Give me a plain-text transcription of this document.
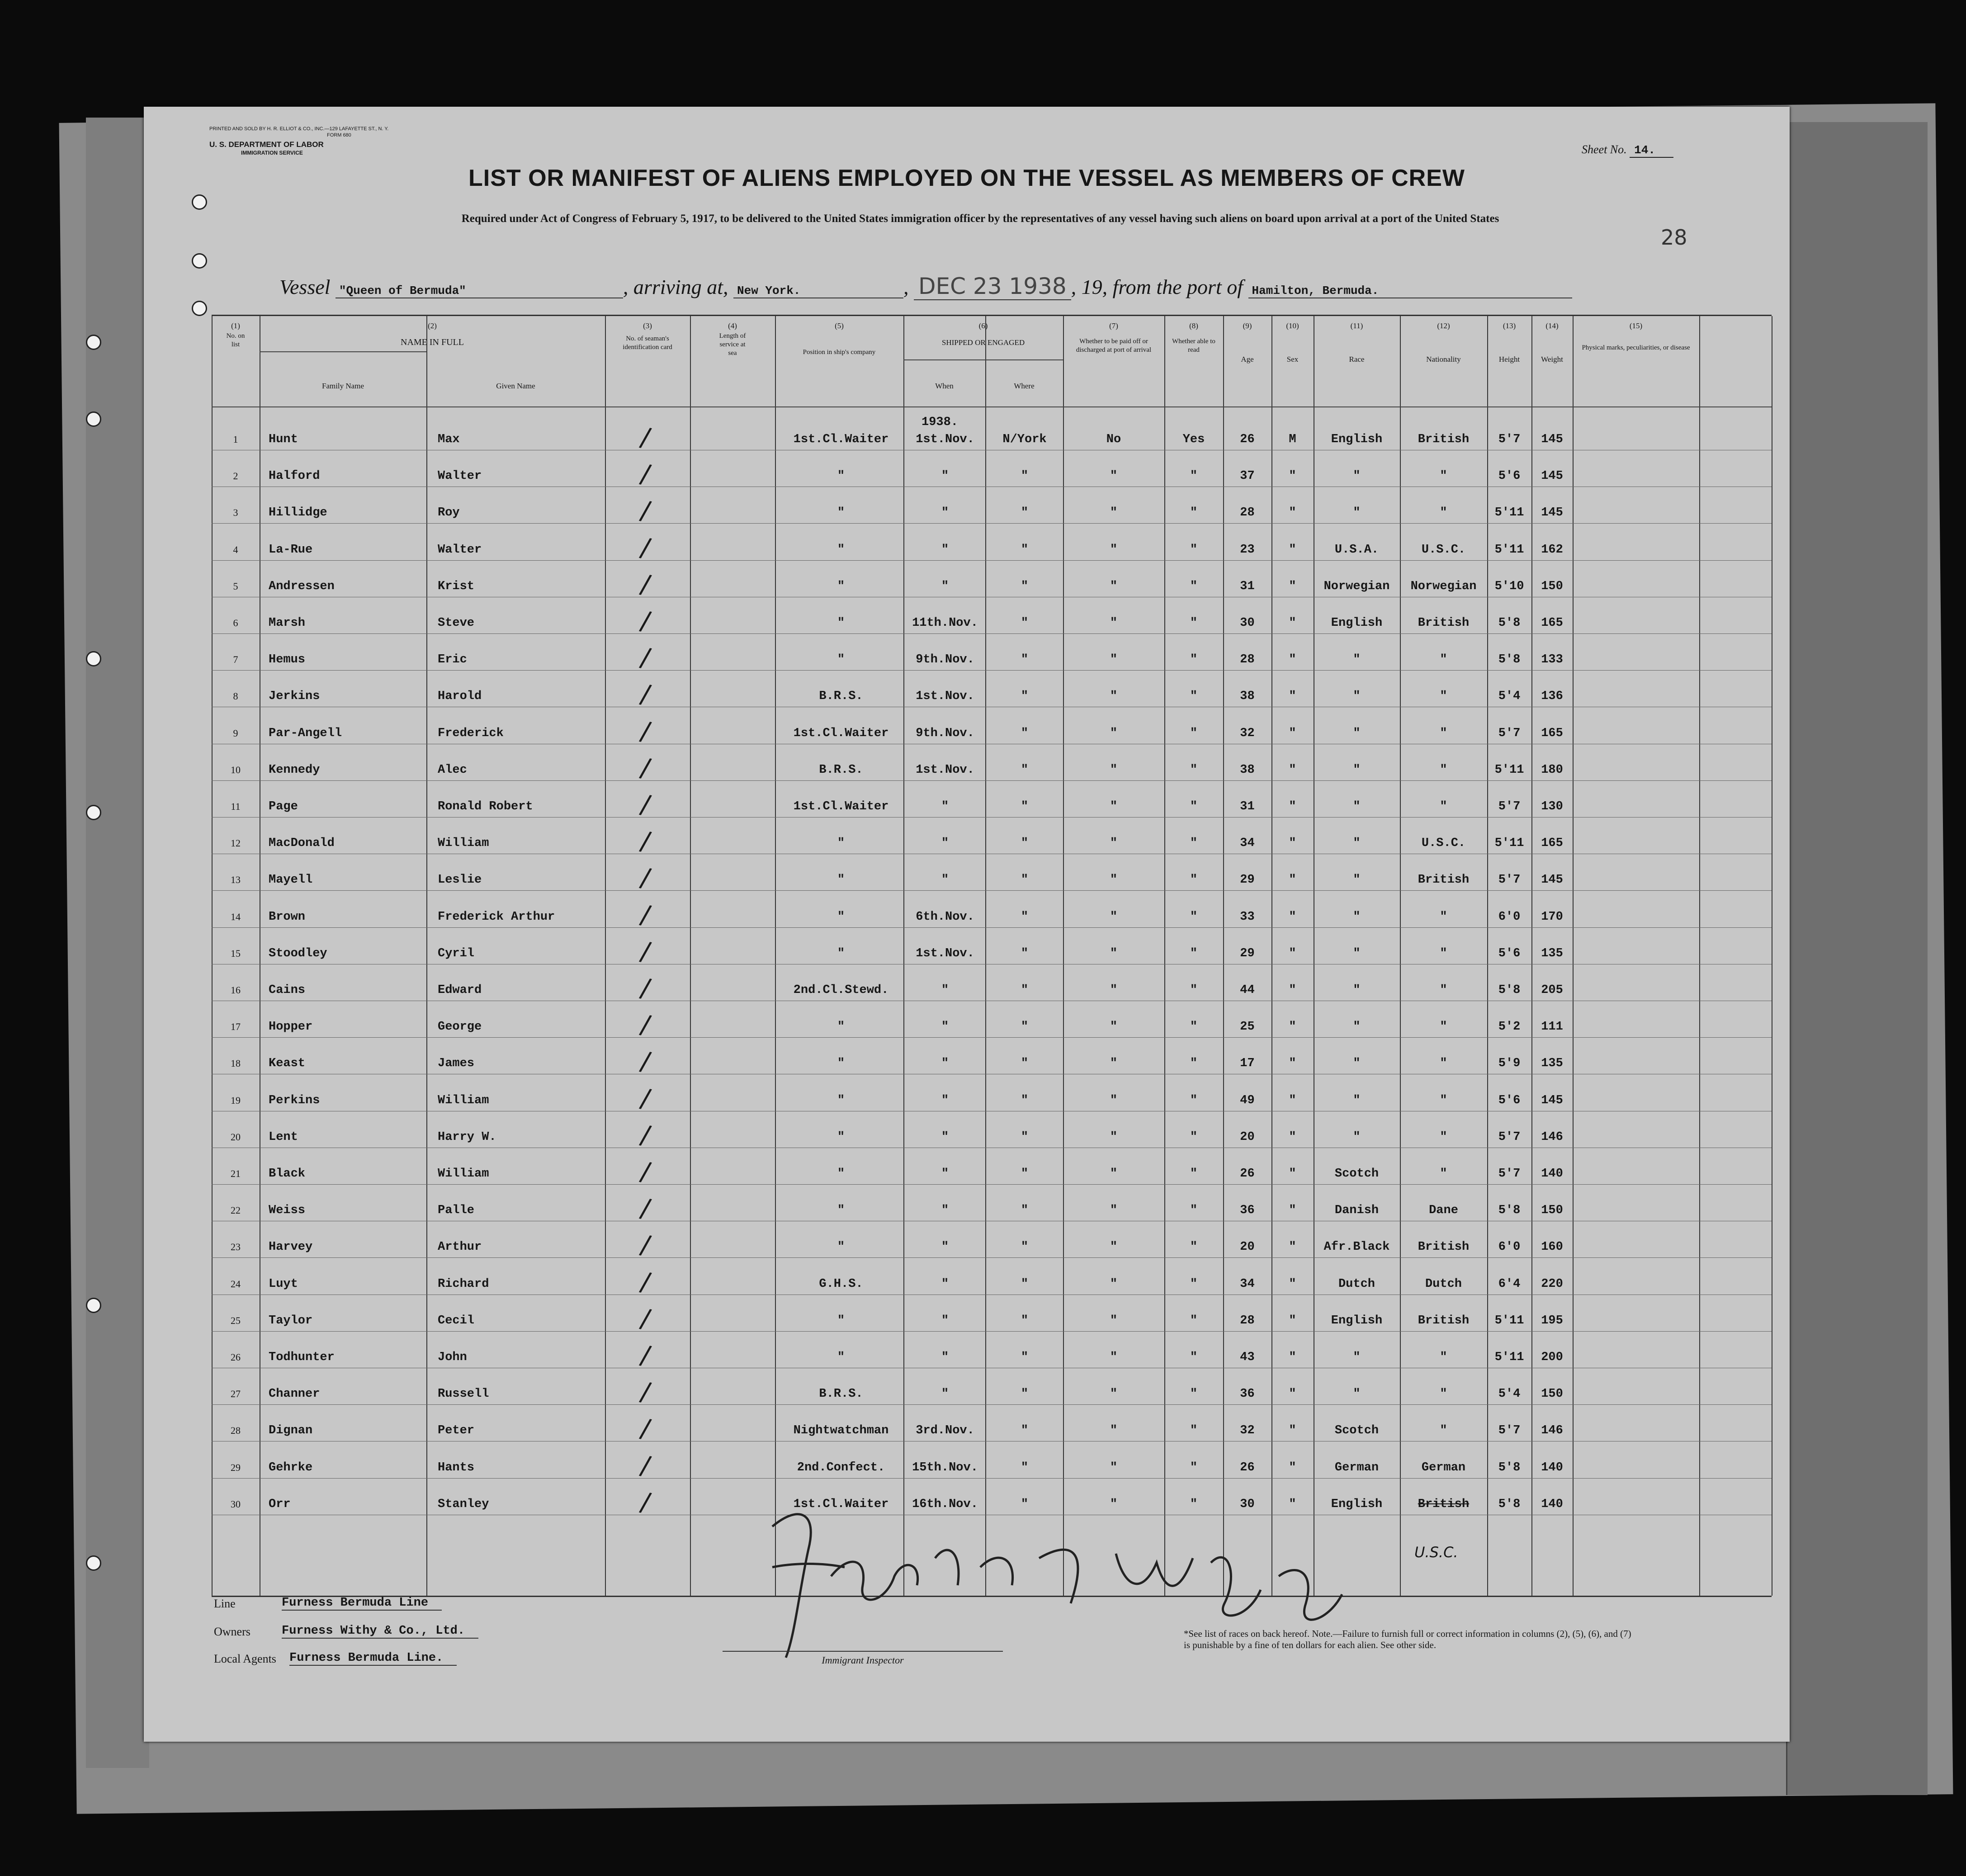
PRINTED AND SOLD BY H. R. ELLIOT & CO., INC.—129 LAFAYETTE ST., N. Y.
FORM 680
U. S. DEPARTMENT OF LABOR
IMMIGRATION SERVICE	Sheet No. 14.
LIST OR MANIFEST OF ALIENS EMPLOYED ON THE VESSEL AS MEMBERS OF CREW
Required under Act of Congress of February 5, 1917, to be delivered to the United States immigration officer by the representatives of any vessel having such aliens on board upon arrival at a port of the United States
28
Vessel "Queen of Bermuda"	, arriving at, New York.	, DEC 23 1938 , 19, from the port of Hamilton, Bermuda.
(1)
No. on list
(2)
NAME IN FULL
Family Name	Given Name
(3)
No. of seaman's identification card
(4)
Length of service at sea
(5)
Position in ship's company
(6)
SHIPPED OR ENGAGED
When	Where
(7)
Whether to be paid off or discharged at port of arrival
(8)
Whether able to read
(9)
Age
(10)
Sex
(11)
Race
(12)
Nationality
(13)
Height
(14)
Weight
(15)
Physical marks, peculiarities, or disease
1938.
1	Hunt	Max	1st.Cl.Waiter	1st.Nov.	N/York	No	Yes	26	M	English	British	5'7	145
/
2	Halford	Walter	"	"	"	"	"	37	"	"	"	5'6	145
/
3	Hillidge	Roy	"	"	"	"	"	28	"	"	"	5'11	145
/
4	La-Rue	Walter	"	"	"	"	"	23	"	U.S.A.	U.S.C.	5'11	162
/
5	Andressen	Krist	"	"	"	"	"	31	"	Norwegian	Norwegian	5'10	150
/
6	Marsh	Steve	"	11th.Nov.	"	"	"	30	"	English	British	5'8	165
/
7	Hemus	Eric	"	9th.Nov.	"	"	"	28	"	"	"	5'8	133
/
8	Jerkins	Harold	B.R.S.	1st.Nov.	"	"	"	38	"	"	"	5'4	136
/
9	Par-Angell	Frederick	1st.Cl.Waiter	9th.Nov.	"	"	"	32	"	"	"	5'7	165
/
10	Kennedy	Alec	B.R.S.	1st.Nov.	"	"	"	38	"	"	"	5'11	180
/
11	Page	Ronald Robert	1st.Cl.Waiter	"	"	"	"	31	"	"	"	5'7	130
/
12	MacDonald	William	"	"	"	"	"	34	"	"	U.S.C.	5'11	165
/
13	Mayell	Leslie	"	"	"	"	"	29	"	"	British	5'7	145
/
14	Brown	Frederick Arthur	"	6th.Nov.	"	"	"	33	"	"	"	6'0	170
/
15	Stoodley	Cyril	"	1st.Nov.	"	"	"	29	"	"	"	5'6	135
/
16	Cains	Edward	2nd.Cl.Stewd.	"	"	"	"	44	"	"	"	5'8	205
/
17	Hopper	George	"	"	"	"	"	25	"	"	"	5'2	111
/
18	Keast	James	"	"	"	"	"	17	"	"	"	5'9	135
/
19	Perkins	William	"	"	"	"	"	49	"	"	"	5'6	145
/
20	Lent	Harry W.	"	"	"	"	"	20	"	"	"	5'7	146
/
21	Black	William	"	"	"	"	"	26	"	Scotch	"	5'7	140
/
22	Weiss	Palle	"	"	"	"	"	36	"	Danish	Dane	5'8	150
/
23	Harvey	Arthur	"	"	"	"	"	20	"	Afr.Black	British	6'0	160
/
24	Luyt	Richard	G.H.S.	"	"	"	"	34	"	Dutch	Dutch	6'4	220
/
25	Taylor	Cecil	"	"	"	"	"	28	"	English	British	5'11	195
/
26	Todhunter	John	"	"	"	"	"	43	"	"	"	5'11	200
/
27	Channer	Russell	B.R.S.	"	"	"	"	36	"	"	"	5'4	150
/
28	Dignan	Peter	Nightwatchman	3rd.Nov.	"	"	"	32	"	Scotch	"	5'7	146
/
29	Gehrke	Hants	2nd.Confect.	15th.Nov.	"	"	"	26	"	German	German	5'8	140
/
30	Orr	Stanley	1st.Cl.Waiter	16th.Nov.	"	"	"	30	"	English	British	5'8	140
/
U.S.C.
Line	Furness Bermuda Line
Owners	Furness Withy & Co., Ltd.
Local Agents Furness Bermuda Line.	Immigrant Inspector
*See list of races on back hereof. Note.—Failure to furnish full or correct information in columns (2), (5), (6), and (7) is punishable by a fine of ten dollars for each alien. See other side.
